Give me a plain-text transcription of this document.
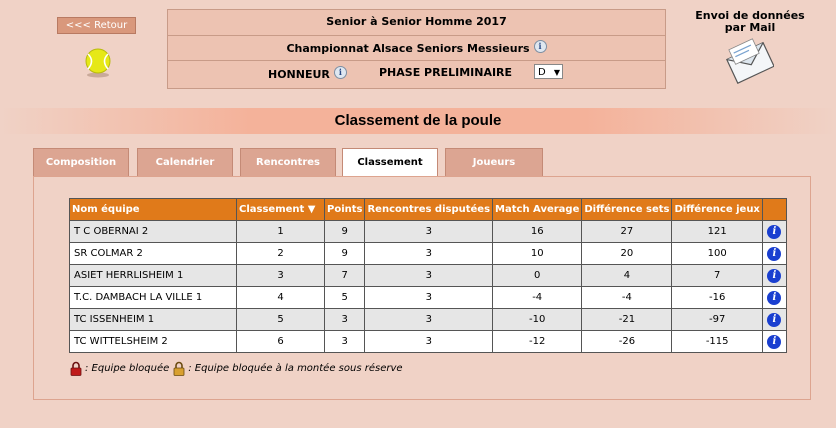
<<< Retour	Senior à Senior Homme 2017
Championnat Alsace Seniors Messieurs i
HONNEUR i	PHASE PRELIMINAIRE	D ▼
Envoi de données
par Mail
Classement de la poule
Composition	Calendrier	Rencontres	Classement	Joueurs
Nom équipe	Classement ▼	Points	Rencontres disputées	Match Average	Différence sets	Différence jeux	
T C OBERNAI 2	1	9	3	16	27	121	i
SR COLMAR 2	2	9	3	10	20	100	i
ASIET HERRLISHEIM 1	3	7	3	0	4	7	i
T.C. DAMBACH LA VILLE 1	4	5	3	-4	-4	-16	i
TC ISSENHEIM 1	5	3	3	-10	-21	-97	i
TC WITTELSHEIM 2	6	3	3	-12	-26	-115	i
: Equipe bloquée : Equipe bloquée à la montée sous réserve
